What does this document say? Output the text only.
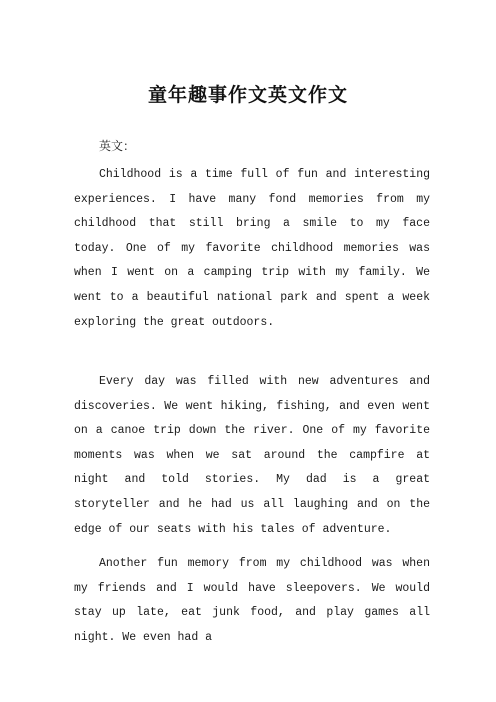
童年趣事作文英文作文
英文：

Childhood is a time full of fun and interesting experiences. I have many fond memories from my childhood that still bring a smile to my face today. One of my favorite childhood memories was when I went on a camping trip with my family. We went to a beautiful national park and spent a week exploring the great outdoors.

Every day was filled with new adventures and discoveries. We went hiking, fishing, and even went on a canoe trip down the river. One of my favorite moments was when we sat around the campfire at night and told stories. My dad is a great storyteller and he had us all laughing and on the edge of our seats with his tales of adventure.

Another fun memory from my childhood was when my friends and I would have sleepovers. We would stay up late, eat junk food, and play games all night. We even had a
